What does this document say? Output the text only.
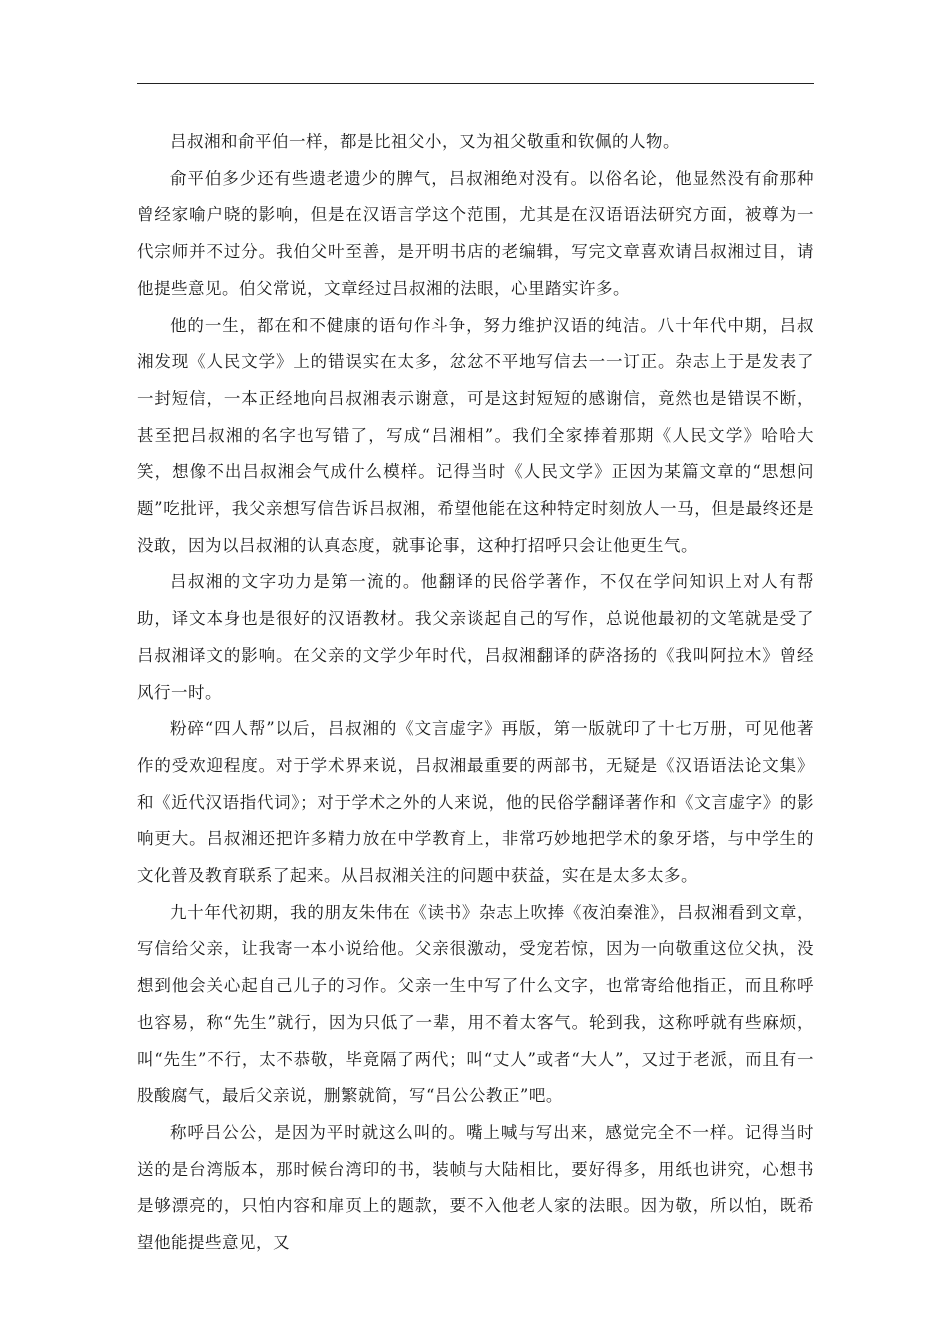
吕叔湘和俞平伯一样，都是比祖父小，又为祖父敬重和钦佩的人物。

俞平伯多少还有些遗老遗少的脾气，吕叔湘绝对没有。以俗名论，他显然没有俞那种曾经家喻户晓的影响，但是在汉语言学这个范围，尤其是在汉语语法研究方面，被尊为一代宗师并不过分。我伯父叶至善，是开明书店的老编辑，写完文章喜欢请吕叔湘过目，请他提些意见。伯父常说，文章经过吕叔湘的法眼，心里踏实许多。

他的一生，都在和不健康的语句作斗争，努力维护汉语的纯洁。八十年代中期，吕叔湘发现《人民文学》上的错误实在太多，忿忿不平地写信去一一订正。杂志上于是发表了一封短信，一本正经地向吕叔湘表示谢意，可是这封短短的感谢信，竟然也是错误不断，甚至把吕叔湘的名字也写错了，写成“吕湘相”。我们全家捧着那期《人民文学》哈哈大笑，想像不出吕叔湘会气成什么模样。记得当时《人民文学》正因为某篇文章的“思想问题”吃批评，我父亲想写信告诉吕叔湘，希望他能在这种特定时刻放人一马，但是最终还是没敢，因为以吕叔湘的认真态度，就事论事，这种打招呼只会让他更生气。

吕叔湘的文字功力是第一流的。他翻译的民俗学著作，不仅在学问知识上对人有帮助，译文本身也是很好的汉语教材。我父亲谈起自己的写作，总说他最初的文笔就是受了吕叔湘译文的影响。在父亲的文学少年时代，吕叔湘翻译的萨洛扬的《我叫阿拉木》曾经风行一时。

粉碎“四人帮”以后，吕叔湘的《文言虚字》再版，第一版就印了十七万册，可见他著作的受欢迎程度。对于学术界来说，吕叔湘最重要的两部书，无疑是《汉语语法论文集》和《近代汉语指代词》；对于学术之外的人来说，他的民俗学翻译著作和《文言虚字》的影响更大。吕叔湘还把许多精力放在中学教育上，非常巧妙地把学术的象牙塔，与中学生的文化普及教育联系了起来。从吕叔湘关注的问题中获益，实在是太多太多。

九十年代初期，我的朋友朱伟在《读书》杂志上吹捧《夜泊秦淮》，吕叔湘看到文章，写信给父亲，让我寄一本小说给他。父亲很激动，受宠若惊，因为一向敬重这位父执，没想到他会关心起自己儿子的习作。父亲一生中写了什么文字，也常寄给他指正，而且称呼也容易，称“先生”就行，因为只低了一辈，用不着太客气。轮到我，这称呼就有些麻烦，叫“先生”不行，太不恭敬，毕竟隔了两代；叫“丈人”或者“大人”，又过于老派，而且有一股酸腐气，最后父亲说，删繁就简，写“吕公公教正”吧。

称呼吕公公，是因为平时就这么叫的。嘴上喊与写出来，感觉完全不一样。记得当时送的是台湾版本，那时候台湾印的书，装帧与大陆相比，要好得多，用纸也讲究，心想书是够漂亮的，只怕内容和扉页上的题款，要不入他老人家的法眼。因为敬，所以怕，既希望他能提些意见，又
